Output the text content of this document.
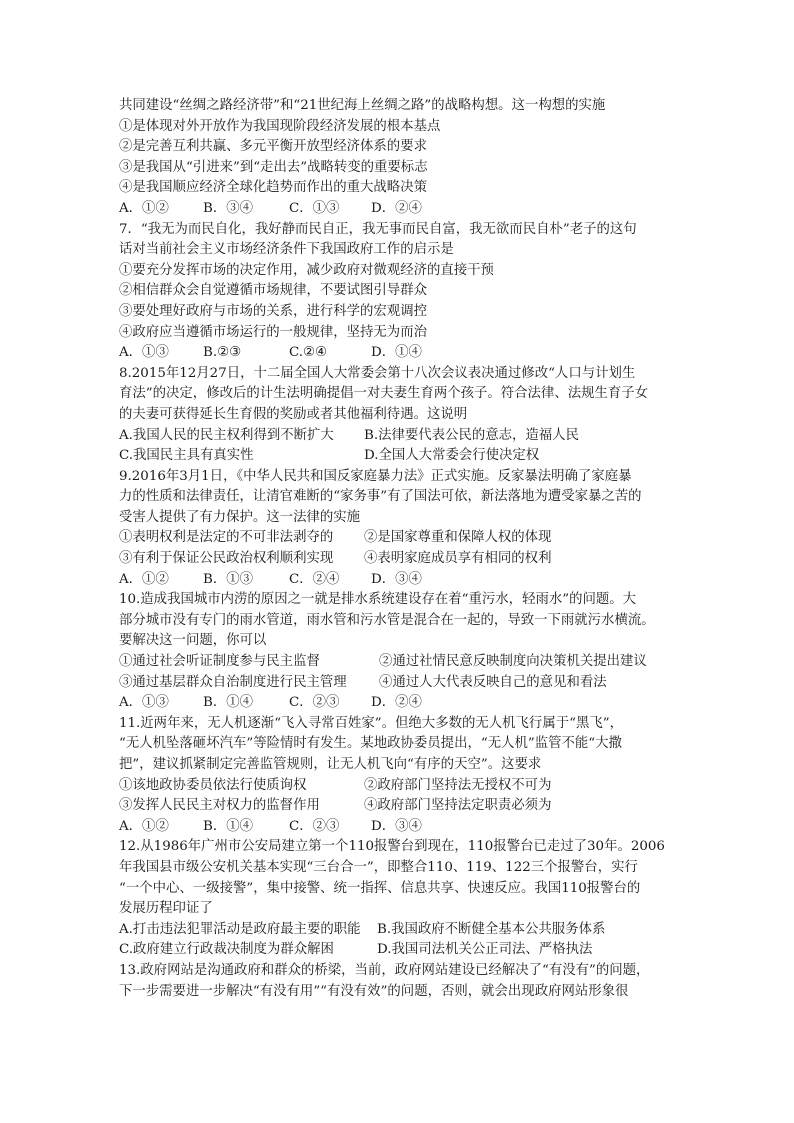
共同建设“丝绸之路经济带”和“21世纪海上丝绸之路”的战略构想。这一构想的实施
①是体现对外开放作为我国现阶段经济发展的根本基点
②是完善互利共赢、多元平衡开放型经济体系的要求
③是我国从“引进来”到“走出去”战略转变的重要标志
④是我国顺应经济全球化趋势而作出的重大战略决策
A．①②	B．③④	C．①③	D．②④
7．“我无为而民自化，我好静而民自正，我无事而民自富，我无欲而民自朴”老子的这句
话对当前社会主义市场经济条件下我国政府工作的启示是
①要充分发挥市场的决定作用，减少政府对微观经济的直接干预
②相信群众会自觉遵循市场规律，不要试图引导群众
③要处理好政府与市场的关系，进行科学的宏观调控
④政府应当遵循市场运行的一般规律，坚持无为而治
A．①③	B.②③	C.②④	D．①④
8.2015年12月27日，十二届全国人大常委会第十八次会议表决通过修改“人口与计划生
育法”的决定，修改后的计生法明确提倡一对夫妻生育两个孩子。符合法律、法规生育子女
的夫妻可获得延长生育假的奖励或者其他福利待遇。这说明
A.我国人民的民主权利得到不断扩大	B.法律要代表公民的意志，造福人民
C.我国民主具有真实性	D.全国人大常委会行使决定权
9.2016年3月1日，《中华人民共和国反家庭暴力法》正式实施。反家暴法明确了家庭暴
力的性质和法律责任，让清官难断的“家务事”有了国法可依，新法落地为遭受家暴之苦的
受害人提供了有力保护。这一法律的实施
①表明权利是法定的不可非法剥夺的	②是国家尊重和保障人权的体现
③有利于保证公民政治权利顺利实现	④表明家庭成员享有相同的权利
A．①②	B．①③	C．②④	D．③④
10.造成我国城市内涝的原因之一就是排水系统建设存在着“重污水，轻雨水”的问题。大
部分城市没有专门的雨水管道，雨水管和污水管是混合在一起的，导致一下雨就污水横流。
要解决这一问题，你可以
①通过社会听证制度参与民主监督	②通过社情民意反映制度向决策机关提出建议
③通过基层群众自治制度进行民主管理	④通过人大代表反映自己的意见和看法
A．①③	B．①④	C．②③	D．②④
11.近两年来，无人机逐渐“飞入寻常百姓家”。但绝大多数的无人机飞行属于“黑飞”，
“无人机坠落砸坏汽车”等险情时有发生。某地政协委员提出，“无人机”监管不能“大撒
把”，建议抓紧制定完善监管规则，让无人机飞向“有序的天空”。这要求
①该地政协委员依法行使质询权	②政府部门坚持法无授权不可为
③发挥人民民主对权力的监督作用	④政府部门坚持法定职责必须为
A．①②	B．①④	C．②③	D．③④
12.从1986年广州市公安局建立第一个110报警台到现在，110报警台已走过了30年。2006
年我国县市级公安机关基本实现“三台合一”，即整合110、119、122三个报警台，实行
“一个中心、一级接警”，集中接警、统一指挥、信息共享、快速反应。我国110报警台的
发展历程印证了
A.打击违法犯罪活动是政府最主要的职能	B.我国政府不断健全基本公共服务体系
C.政府建立行政裁决制度为群众解困	D.我国司法机关公正司法、严格执法
13.政府网站是沟通政府和群众的桥梁，当前，政府网站建设已经解决了“有没有”的问题，
下一步需要进一步解决“有没有用”“有没有效”的问题，否则，就会出现政府网站形象很
